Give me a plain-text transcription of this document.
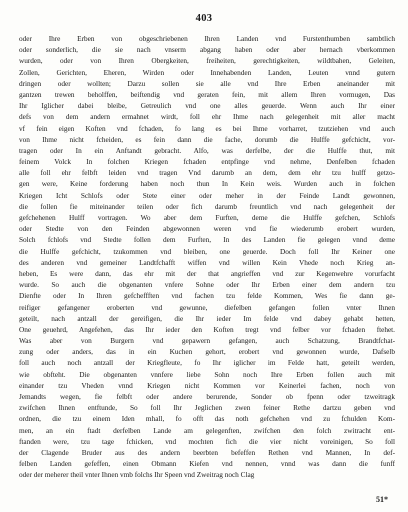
403
oder Ihre Erben von obgeschriebenen Ihren Landen vnd Furstenthumben sambtlich
oder sonderlich, die sie nach vnserm abgang haben oder aber hernach vberkommen
wurden, oder von Ihren Obergkeiten, freiheiten, gerechtigkeiten, wildtbahen, Geleiten,
Zollen, Gerichten, Eheren, Wirden oder Innehabenden Landen, Leuten vnnd gutern
dringen oder wollten; Darzu sollen sie alle vnd Ihre Erben aneinander mit
gantzen trewen beholffen, beiftendig vnd geraten fein, mit allem Ihren vormugen, Das
Ihr Iglicher dabei bleibe, Getreulich vnd one alles geuerde. Wenn auch Ihr einer
defs von dem andern ermahnet wirdt, foll ehr Ihme nach gelegenheit mit aller macht
vf fein eigen Koften vnd fchaden, fo lang es bei Ihme vorharret, tzutziehen vnd auch
von Ihme nicht fcheiden, es fein dann die fache, dorumb die Hulffe gefchicht, vor-
tragen oder In ein Anftandt gebracht. Alfo, was derfelbe, der die Hulffe thut, mit
feinem Volck In folchen Kriegen fchaden entpfinge vnd nehme, Denfelben fchaden
alle foll ehr felbft leiden vnd tragen Vnd darumb an dem, dem ehr tzu hulff getzo-
gen were, Keine forderung haben noch thun In Kein weis. Wurden auch in folchen
Kriegen Icht Schlofs oder Stete einer oder meher in der Feinde Landt gewonnen,
die follen fie miteinander teilen oder fich darumb freuntlich vnd nach gelegenheit der
gefchehenen Hulff vortragen. Wo aber dem Furften, deme die Hulffe gefchen, Schlofs
oder Stedte von den Feinden abgewonnen weren vnd fie wiederumb erobert wurden,
Solch fchlofs vnd Stedte follen dem Furften, In des Landen fie gelegen vnnd deme
die Hulffe gefchicht, tzukommen vnd bleiben, one geuerde. Doch foll Ihr Keiner one
des anderen vnd gemeiner Landtfchafft wiffen vnd willen Kein Vhede noch Krieg an-
heben, Es were dann, das ehr mit der that angrieffen vnd zur Kegenwehre vorurfacht
wurde. So auch die obgenanten vnfere Sohne oder Ihr Erben einer dem andern tzu
Dienfte oder In Ihren gefcheffften vnd fachen tzu felde Kommen, Wes fie dann ge-
reifiger gefangener eroberten vnd gewunne, diefelben gefangen follen vnter Ihnen
geteilt, nach antzall der gereifigen, die Ihr ieder Im felde vnd dabey gehabt hetten,
One geuehrd, Angefehen, das Ihr ieder den Koften tregt vnd felber vor fchaden ftehet.
Was aber von Burgern vnd gepawern gefangen, auch Schatzung, Brandtfchat-
zung oder anders, das in ein Kuchen gehort, erobert vnd gewonnen wurde, Dafselb
foll auch noch antzall der Kriegfleute, fo Ihr iglicher im Felde hatt, geteilt werden,
wie obfteht. Die obgenanten vnnfere liebe Sohn noch Ihre Erben follen auch mit
einander tzu Vheden vnnd Kriegen nicht Kommen vor Keinerlei fachen, noch von
Jemandts wegen, fie felbft oder andere berurende, Sonder ob fpenn oder tzweitragk
zwifchen Ihnen entftunde, So foll Ihr Jeglichen zwen feiner Rethe dartzu geben vnd
ordnen, die tzu einem Iden mhall, fo offt das noth gefchehen vnd zu fchulden Kom-
men, an ein ftadt derfelben Lande am gelegenften, zwifchen den folch zwitracht ent-
ftanden were, tzu tage fchicken, vnd mochten fich die vier nicht voreinigen, So foll
der Clagende Bruder aus des andern beerbten befeffen Rethen vnd Mannen, In def-
felben Landen gefeffen, einen Obmann Kiefen vnd nennen, vnnd was dann die funff
oder der meherer theil vnter Ihnen vmb folchs Ihr Speen vnd Zweitrag noch Clag
51*
